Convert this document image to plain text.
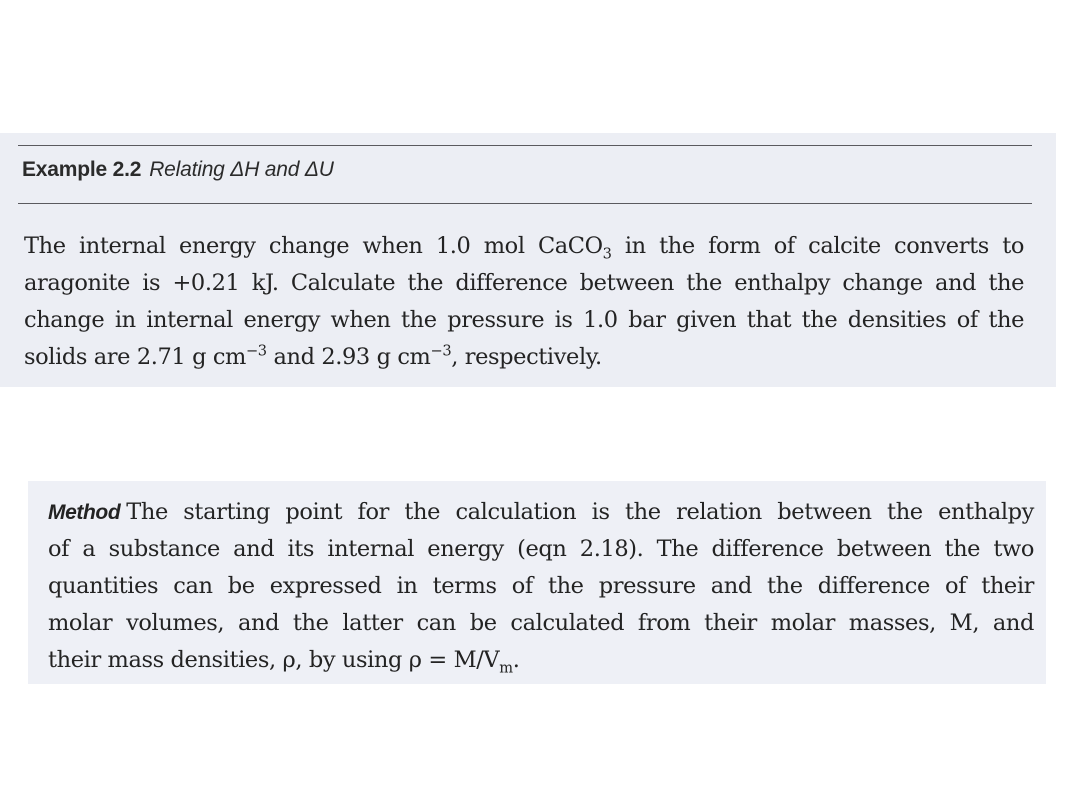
Example 2.2 Relating ΔH and ΔU
The internal energy change when 1.0 mol CaCO$_3$ in the form of calcite converts to
aragonite is +0.21 kJ. Calculate the difference between the enthalpy change and the
change in internal energy when the pressure is 1.0 bar given that the densities of the
solids are 2.71 g $cm^{-3}$ and 2.93 g $cm^{-3}$, respectively.
Method The starting point for the calculation is the relation between the enthalpy
of a substance and its internal energy (eqn 2.18). The difference between the two
quantities can be expressed in terms of the pressure and the difference of their
molar volumes, and the latter can be calculated from their molar masses, M, and
their mass densities, ρ, by using $\rho = M/V_m$.
